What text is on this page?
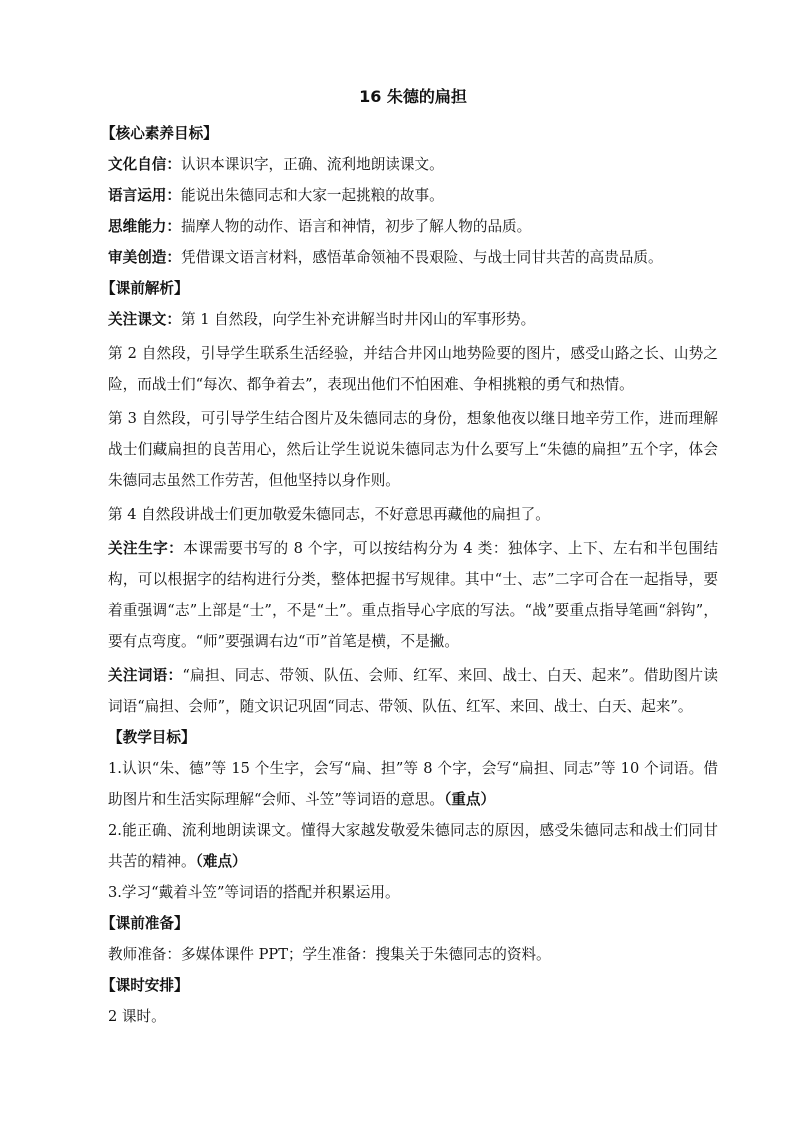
16 朱德的扁担

【核心素养目标】

文化自信：认识本课识字，正确、流利地朗读课文。

语言运用：能说出朱德同志和大家一起挑粮的故事。

思维能力：揣摩人物的动作、语言和神情，初步了解人物的品质。

审美创造：凭借课文语言材料，感悟革命领袖不畏艰险、与战士同甘共苦的高贵品质。

【课前解析】

关注课文：第 1 自然段，向学生补充讲解当时井冈山的军事形势。

第 2 自然段，引导学生联系生活经验，并结合井冈山地势险要的图片，感受山路之长、山势之险，而战士们“每次、都争着去”，表现出他们不怕困难、争相挑粮的勇气和热情。

第 3 自然段，可引导学生结合图片及朱德同志的身份，想象他夜以继日地辛劳工作，进而理解战士们藏扁担的良苦用心，然后让学生说说朱德同志为什么要写上“朱德的扁担”五个字，体会朱德同志虽然工作劳苦，但他坚持以身作则。

第 4 自然段讲战士们更加敬爱朱德同志，不好意思再藏他的扁担了。

关注生字：本课需要书写的 8 个字，可以按结构分为 4 类：独体字、上下、左右和半包围结构，可以根据字的结构进行分类，整体把握书写规律。其中“士、志”二字可合在一起指导，要着重强调“志”上部是“士”，不是“土”。重点指导心字底的写法。“战”要重点指导笔画“斜钩”，要有点弯度。“师”要强调右边“帀”首笔是横，不是撇。

关注词语：“扁担、同志、带领、队伍、会师、红军、来回、战士、白天、起来”。借助图片读词语“扁担、会师”，随文识记巩固“同志、带领、队伍、红军、来回、战士、白天、起来”。

【教学目标】

1.认识“朱、德”等 15 个生字，会写“扁、担”等 8 个字，会写“扁担、同志”等 10 个词语。借助图片和生活实际理解“会师、斗笠”等词语的意思。（重点）

2.能正确、流利地朗读课文。懂得大家越发敬爱朱德同志的原因，感受朱德同志和战士们同甘共苦的精神。（难点）

3.学习“戴着斗笠”等词语的搭配并积累运用。

【课前准备】

教师准备：多媒体课件 PPT；学生准备：搜集关于朱德同志的资料。

【课时安排】

2 课时。
